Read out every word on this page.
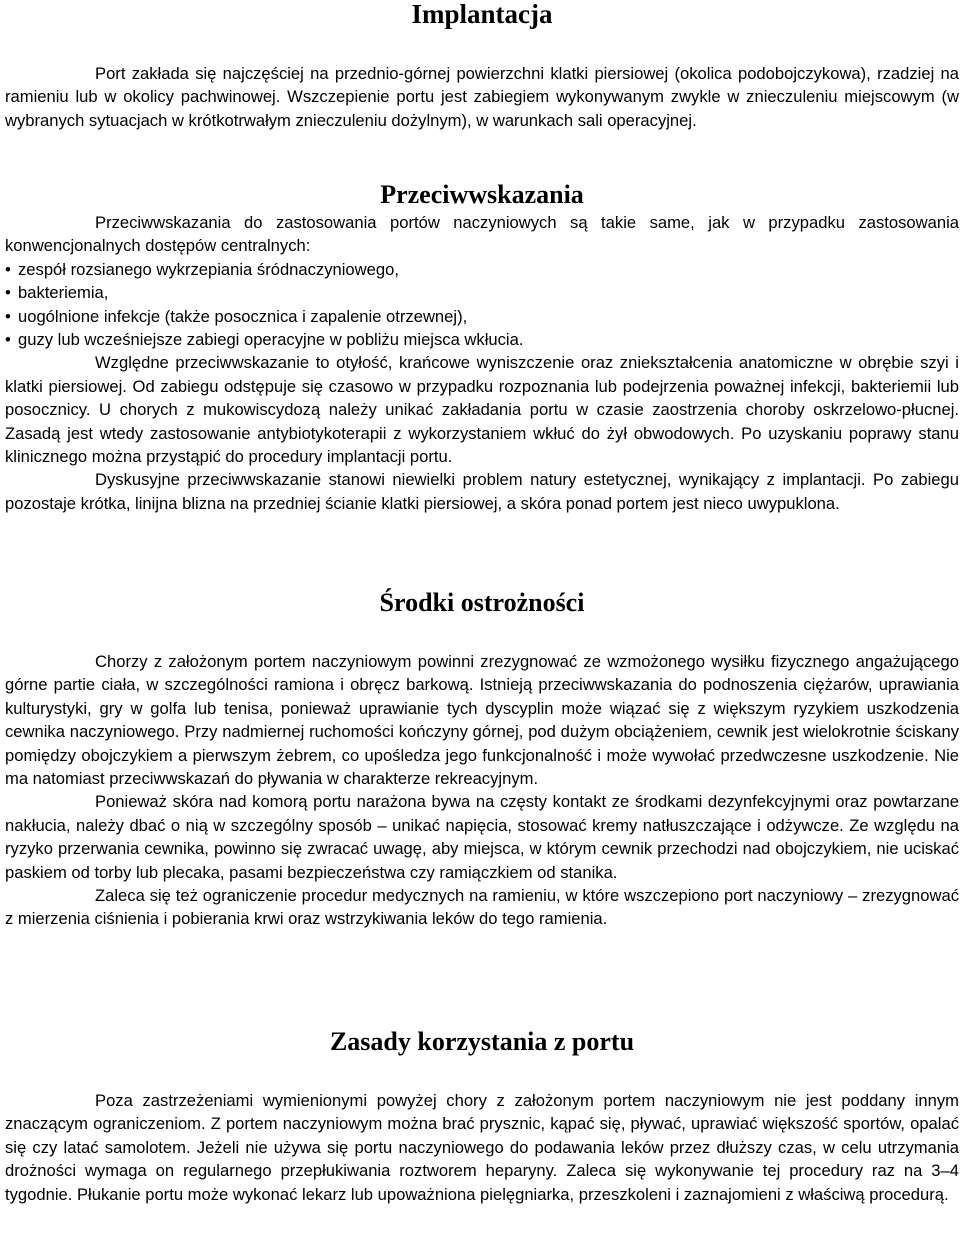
Implantacja

Port zakłada się najczęściej na przednio-górnej powierzchni klatki piersiowej (okolica podobojczykowa), rzadziej na ramieniu lub w okolicy pachwinowej. Wszczepienie portu jest zabiegiem wykonywanym zwykle w znieczuleniu miejscowym (w wybranych sytuacjach w krótkotrwałym znieczuleniu dożylnym), w warunkach sali operacyjnej.

Przeciwwskazania

Przeciwwskazania do zastosowania portów naczyniowych są takie same, jak w przypadku zastosowania konwencjonalnych dostępów centralnych:

• zespół rozsianego wykrzepiania śródnaczyniowego,
• bakteriemia,
• uogólnione infekcje (także posocznica i zapalenie otrzewnej),
• guzy lub wcześniejsze zabiegi operacyjne w pobliżu miejsca wkłucia.

Względne przeciwwskazanie to otyłość, krańcowe wyniszczenie oraz zniekształcenia anatomiczne w obrębie szyi i klatki piersiowej. Od zabiegu odstępuje się czasowo w przypadku rozpoznania lub podejrzenia poważnej infekcji, bakteriemii lub posocznicy. U chorych z mukowiscydozą należy unikać zakładania portu w czasie zaostrzenia choroby oskrzelowo-płucnej. Zasadą jest wtedy zastosowanie antybiotykoterapii z wykorzystaniem wkłuć do żył obwodowych. Po uzyskaniu poprawy stanu klinicznego można przystąpić do procedury implantacji portu.

Dyskusyjne przeciwwskazanie stanowi niewielki problem natury estetycznej, wynikający z implantacji. Po zabiegu pozostaje krótka, linijna blizna na przedniej ścianie klatki piersiowej, a skóra ponad portem jest nieco uwypuklona.

Środki ostrożności

Chorzy z założonym portem naczyniowym powinni zrezygnować ze wzmożonego wysiłku fizycznego angażującego górne partie ciała, w szczególności ramiona i obręcz barkową. Istnieją przeciwwskazania do podnoszenia ciężarów, uprawiania kulturystyki, gry w golfa lub tenisa, ponieważ uprawianie tych dyscyplin może wiązać się z większym ryzykiem uszkodzenia cewnika naczyniowego. Przy nadmiernej ruchomości kończyny górnej, pod dużym obciążeniem, cewnik jest wielokrotnie ściskany pomiędzy obojczykiem a pierwszym żebrem, co upośledza jego funkcjonalność i może wywołać przedwczesne uszkodzenie. Nie ma natomiast przeciwwskazań do pływania w charakterze rekreacyjnym.

Ponieważ skóra nad komorą portu narażona bywa na częsty kontakt ze środkami dezynfekcyjnymi oraz powtarzane nakłucia, należy dbać o nią w szczególny sposób – unikać napięcia, stosować kremy natłuszczające i odżywcze. Ze względu na ryzyko przerwania cewnika, powinno się zwracać uwagę, aby miejsca, w którym cewnik przechodzi nad obojczykiem, nie uciskać paskiem od torby lub plecaka, pasami bezpieczeństwa czy ramiączkiem od stanika.

Zaleca się też ograniczenie procedur medycznych na ramieniu, w które wszczepiono port naczyniowy – zrezygnować z mierzenia ciśnienia i pobierania krwi oraz wstrzykiwania leków do tego ramienia.

Zasady korzystania z portu

Poza zastrzeżeniami wymienionymi powyżej chory z założonym portem naczyniowym nie jest poddany innym znaczącym ograniczeniom. Z portem naczyniowym można brać prysznic, kąpać się, pływać, uprawiać większość sportów, opalać się czy latać samolotem. Jeżeli nie używa się portu naczyniowego do podawania leków przez dłuższy czas, w celu utrzymania drożności wymaga on regularnego przepłukiwania roztworem heparyny. Zaleca się wykonywanie tej procedury raz na 3–4 tygodnie. Płukanie portu może wykonać lekarz lub upoważniona pielęgniarka, przeszkoleni i zaznajomieni z właściwą procedurą.
